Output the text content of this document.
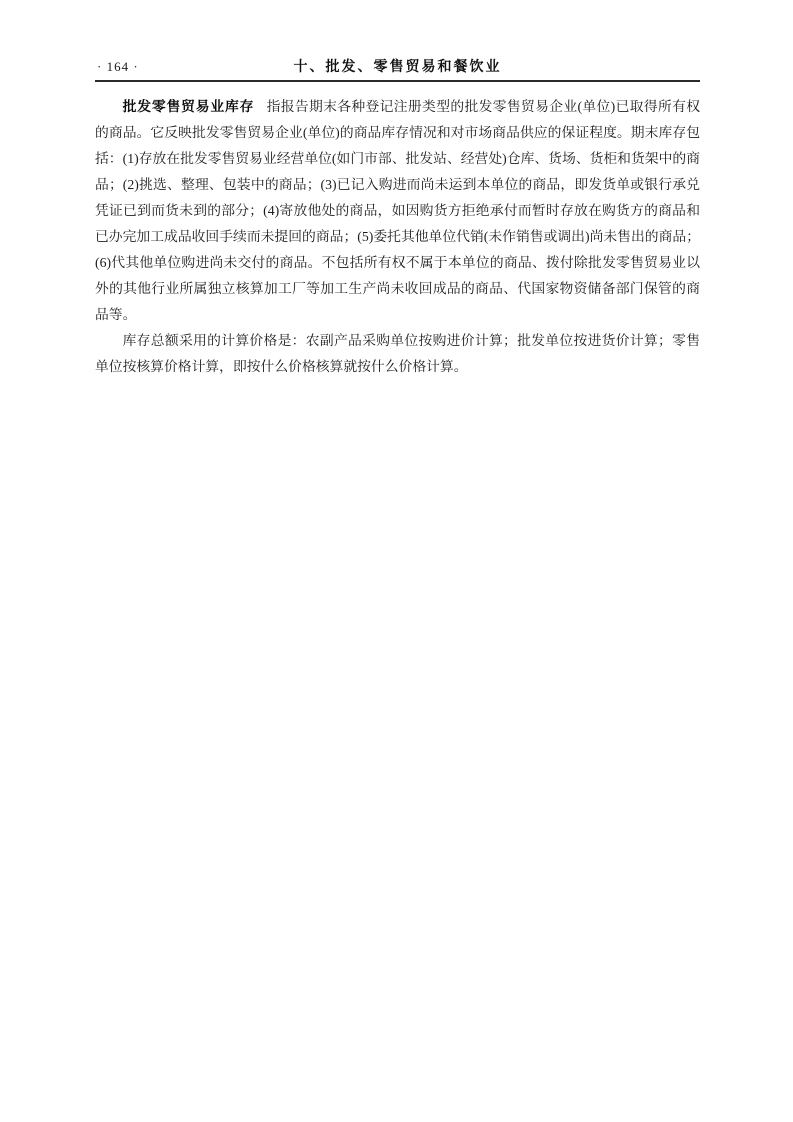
· 164 ·	十、批发、零售贸易和餐饮业

批发零售贸易业库存 指报告期末各种登记注册类型的批发零售贸易企业(单位)已取得所有权的商品。它反映批发零售贸易企业(单位)的商品库存情况和对市场商品供应的保证程度。期末库存包括：(1)存放在批发零售贸易业经营单位(如门市部、批发站、经营处)仓库、货场、货柜和货架中的商品；(2)挑选、整理、包装中的商品；(3)已记入购进而尚未运到本单位的商品，即发货单或银行承兑凭证已到而货未到的部分；(4)寄放他处的商品，如因购货方拒绝承付而暂时存放在购货方的商品和已办完加工成品收回手续而未提回的商品；(5)委托其他单位代销(未作销售或调出)尚未售出的商品；(6)代其他单位购进尚未交付的商品。不包括所有权不属于本单位的商品、拨付除批发零售贸易业以外的其他行业所属独立核算加工厂等加工生产尚未收回成品的商品、代国家物资储备部门保管的商品等。

库存总额采用的计算价格是：农副产品采购单位按购进价计算；批发单位按进货价计算；零售单位按核算价格计算，即按什么价格核算就按什么价格计算。
